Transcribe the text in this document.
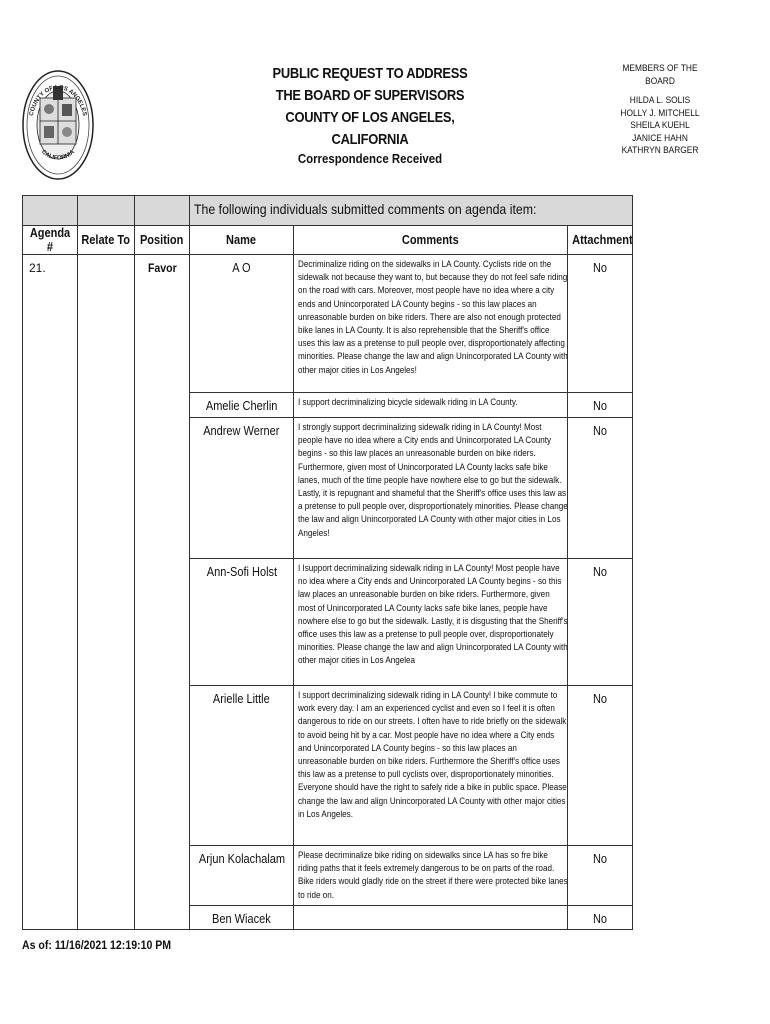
COUNTY OF LOS ANGELES
CALIFORNIA
PUBLIC REQUEST TO ADDRESS
THE BOARD OF SUPERVISORS
COUNTY OF LOS ANGELES, CALIFORNIA
Correspondence Received
MEMBERS OF THE BOARD
HILDA L. SOLIS
HOLLY J. MITCHELL
SHEILA KUEHL
JANICE HAHN
KATHRYN BARGER
			The following individuals submitted comments on agenda item:		
Agenda #	Relate To	Position	Name	Comments	Attachment
21.		Favor	A O	Decriminalize riding on the sidewalks in LA County. Cyclists ride on the sidewalk not because they want to, but because they do not feel safe riding on the road with cars. Moreover, most people have no idea where a city ends and Unincorporated LA County begins - so this law places an unreasonable burden on bike riders. There are also not enough protected bike lanes in LA County. It is also reprehensible that the Sheriff's office uses this law as a pretense to pull people over, disproportionately affecting minorities. Please change the law and align Unincorporated LA County with other major cities in Los Angeles!	No
			Amelie Cherlin	I support decriminalizing bicycle sidewalk riding in LA County.	No
			Andrew Werner	I strongly support decriminalizing sidewalk riding in LA County! Most people have no idea where a City ends and Unincorporated LA County begins - so this law places an unreasonable burden on bike riders. Furthermore, given most of Unincorporated LA County lacks safe bike lanes, much of the time people have nowhere else to go but the sidewalk. Lastly, it is repugnant and shameful that the Sheriff's office uses this law as a pretense to pull people over, disproportionately minorities. Please change the law and align Unincorporated LA County with other major cities in Los Angeles!	No
			Ann-Sofi Holst	I Isupport decriminalizing sidewalk riding in LA County! Most people have no idea where a City ends and Unincorporated LA County begins - so this law places an unreasonable burden on bike riders. Furthermore, given most of Unincorporated LA County lacks safe bike lanes, people have nowhere else to go but the sidewalk. Lastly, it is disgusting that the Sheriff's office uses this law as a pretense to pull people over, disproportionately minorities. Please change the law and align Unincorporated LA County with other major cities in Los Angelea	No
			Arielle Little	I support decriminalizing sidewalk riding in LA County! I bike commute to work every day. I am an experienced cyclist and even so I feel it is often dangerous to ride on our streets. I often have to ride briefly on the sidewalk to avoid being hit by a car. Most people have no idea where a City ends and Unincorporated LA County begins - so this law places an unreasonable burden on bike riders. Furthermore the Sheriff's office uses this law as a pretense to pull cyclists over, disproportionately minorities. Everyone should have the right to safely ride a bike in public space. Please change the law and align Unincorporated LA County with other major cities in Los Angeles.	No
			Arjun Kolachalam	Please decriminalize bike riding on sidewalks since LA has so fre bike riding paths that it feels extremely dangerous to be on parts of the road. Bike riders would gladly ride on the street if there were protected bike lanes to ride on.	No
			Ben Wiacek		No
As of: 11/16/2021 12:19:10 PM
